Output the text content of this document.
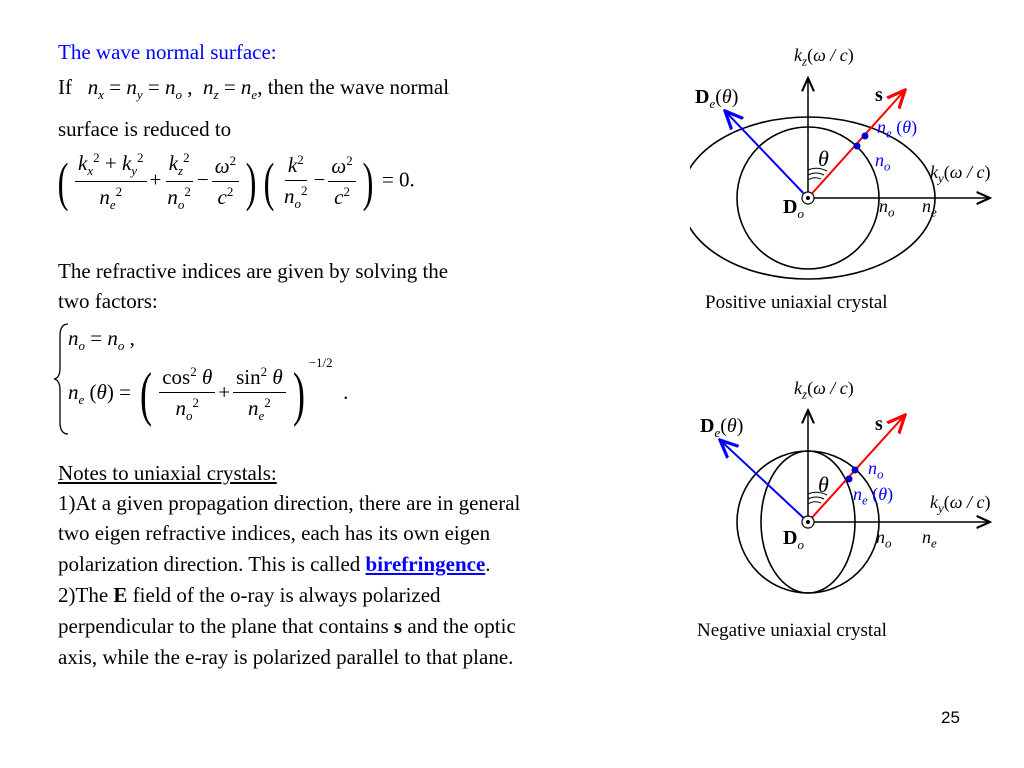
The wave normal surface:
If $n_x = n_y = n_o$ ,  $n_z = n_e$, then the wave normal
surface is reduced to
( $\frac{k_x^2 + k_y^2}{n_e^2} + \frac{k_z^2}{n_o^2} - \frac{\omega^2}{c^2}$ ) ( $\frac{k^2}{n_o^2} - \frac{\omega^2}{c^2}$ ) = 0.
The refractive indices are given by solving the
two factors:
$n_o = n_o$ ,
$n_e$ (θ) = ( $\frac{\cos^2 \theta}{n_o^2} + \frac{\sin^2 \theta}{n_e^2}$ ) $^{-1/2}$  .
Notes to uniaxial crystals:
1)At a given propagation direction, there are in general
two eigen refractive indices, each has its own eigen
polarization direction. This is called birefringence.
2)The E field of the o-ray is always polarized
perpendicular to the plane that contains s and the optic
axis, while the e-ray is polarized parallel to that plane.
$k_z(\omega / c)$
$k_y(\omega / c)$
s
$D_e(\theta)$
θ
$D_o$
$n_e$ (θ)
$n_o$
$n_o$ $n_e$
Positive uniaxial crystal
$k_z(\omega / c)$
$k_y(\omega / c)$
s
$D_e(\theta)$
θ
$D_o$
$n_o$
$n_e$ (θ)
$n_o$ $n_e$
Negative uniaxial crystal
25
